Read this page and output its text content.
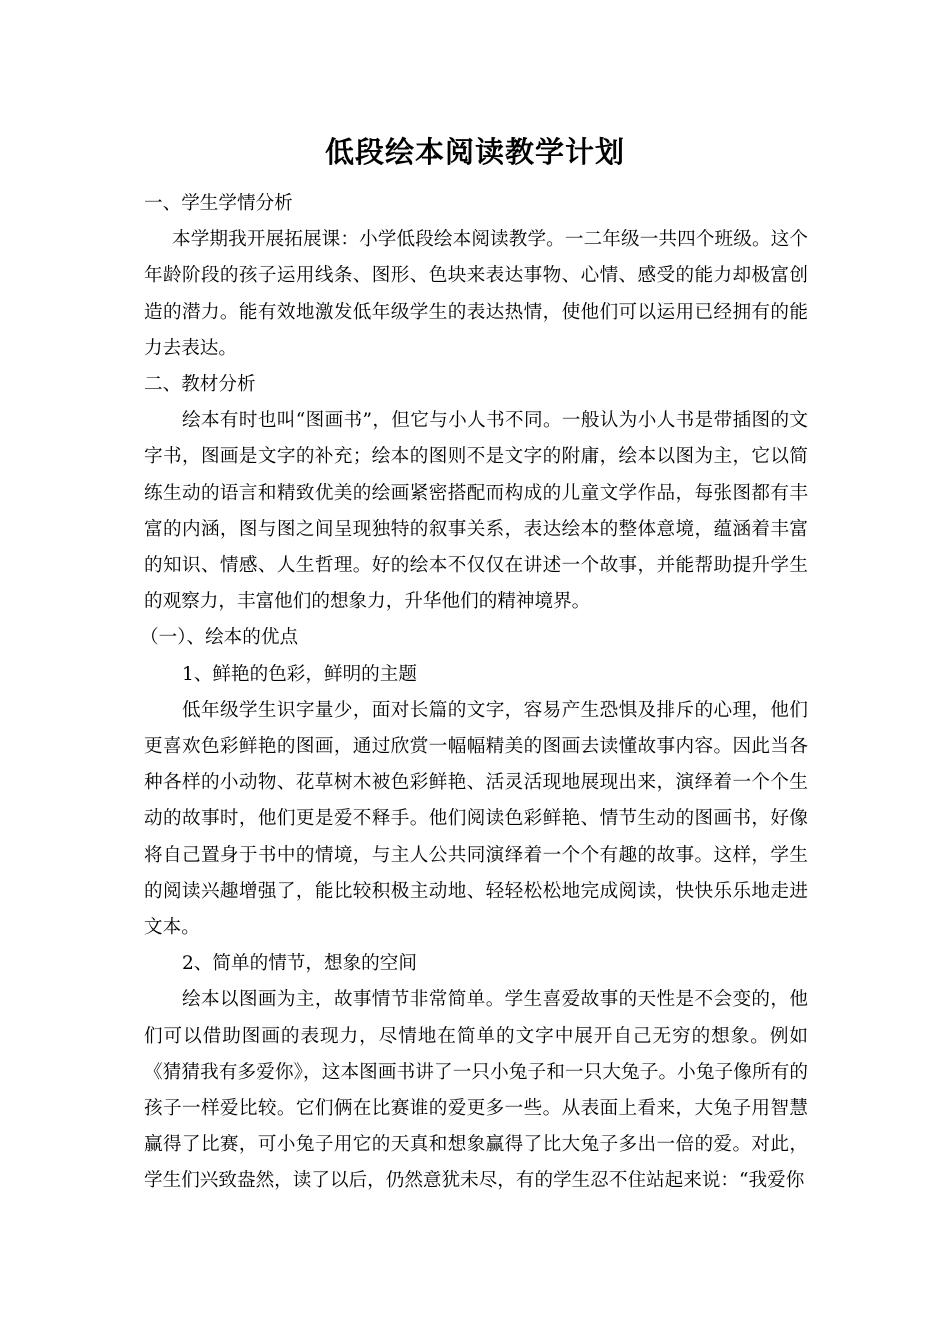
低段绘本阅读教学计划

一、学生学情分析

本学期我开展拓展课：小学低段绘本阅读教学。一二年级一共四个班级。这个年龄阶段的孩子运用线条、图形、色块来表达事物、心情、感受的能力却极富创造的潜力。能有效地激发低年级学生的表达热情，使他们可以运用已经拥有的能力去表达。

二、教材分析

绘本有时也叫“图画书”，但它与小人书不同。一般认为小人书是带插图的文字书，图画是文字的补充；绘本的图则不是文字的附庸，绘本以图为主，它以简练生动的语言和精致优美的绘画紧密搭配而构成的儿童文学作品，每张图都有丰富的内涵，图与图之间呈现独特的叙事关系，表达绘本的整体意境，蕴涵着丰富的知识、情感、人生哲理。好的绘本不仅仅在讲述一个故事，并能帮助提升学生的观察力，丰富他们的想象力，升华他们的精神境界。

（一）、绘本的优点

1、鲜艳的色彩，鲜明的主题

低年级学生识字量少，面对长篇的文字，容易产生恐惧及排斥的心理，他们更喜欢色彩鲜艳的图画，通过欣赏一幅幅精美的图画去读懂故事内容。因此当各种各样的小动物、花草树木被色彩鲜艳、活灵活现地展现出来，演绎着一个个生动的故事时，他们更是爱不释手。他们阅读色彩鲜艳、情节生动的图画书，好像将自己置身于书中的情境，与主人公共同演绎着一个个有趣的故事。这样，学生的阅读兴趣增强了，能比较积极主动地、轻轻松松地完成阅读，快快乐乐地走进文本。

2、简单的情节，想象的空间

绘本以图画为主，故事情节非常简单。学生喜爱故事的天性是不会变的，他们可以借助图画的表现力，尽情地在简单的文字中展开自己无穷的想象。例如《猜猜我有多爱你》，这本图画书讲了一只小兔子和一只大兔子。小兔子像所有的孩子一样爱比较。它们俩在比赛谁的爱更多一些。从表面上看来，大兔子用智慧赢得了比赛，可小兔子用它的天真和想象赢得了比大兔子多出一倍的爱。对此，学生们兴致盎然，读了以后，仍然意犹未尽，有的学生忍不住站起来说：“我爱你
